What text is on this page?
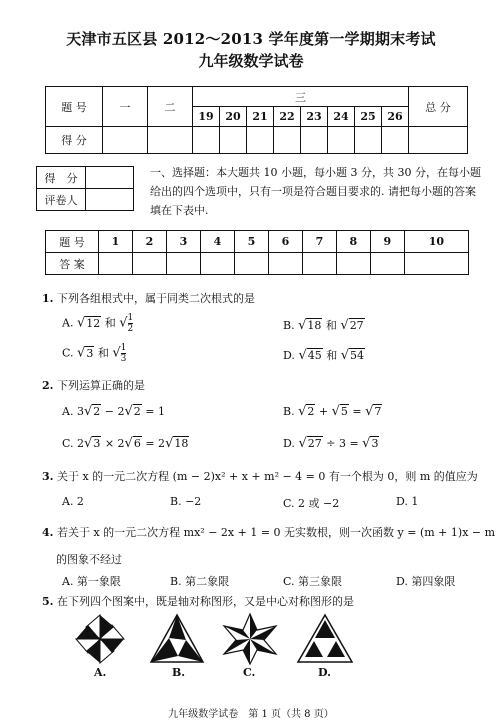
天津市五区县 2012～2013 学年度第一学期期末考试
九年级数学试卷
题 号	一	二	三								总 分
			19	20	21	22	23	24	25	26	
得 分											
得　分	
评卷人	
一、选择题：本大题共 10 小题，每小题 3 分，共 30 分，在每小题
给出的四个选项中，只有一项是符合题目要求的. 请把每小题的答案
填在下表中.
题 号	1	2	3	4	5	6	7	8	9	10
答 案										
1. 下列各组根式中，属于同类二次根式的是
A. √12 和 √ $\frac{1}{2}$	B. √18 和 √27
C. √3 和 √ $\frac{1}{3}$	D. √45 和 √54
2. 下列运算正确的是
A. 3√2 − 2√2 = 1	B. √2 + √5 = √7
C. 2√3 × 2√6 = 2√18	D. √27 ÷ 3 = √3
3. 关于 x 的一元二次方程 (m − 2)x² + x + m² − 4 = 0 有一个根为 0，则 m 的值应为
A. 2	B. −2	C. 2 或 −2	D. 1
4. 若关于 x 的一元二次方程 mx² − 2x + 1 = 0 无实数根，则一次函数 y = (m + 1)x − m
的图象不经过
A. 第一象限	B. 第二象限	C. 第三象限	D. 第四象限
5. 在下列四个图案中，既是轴对称图形，又是中心对称图形的是
A.	B.	C.	D.
九年级数学试卷　第 1 页（共 8 页）
